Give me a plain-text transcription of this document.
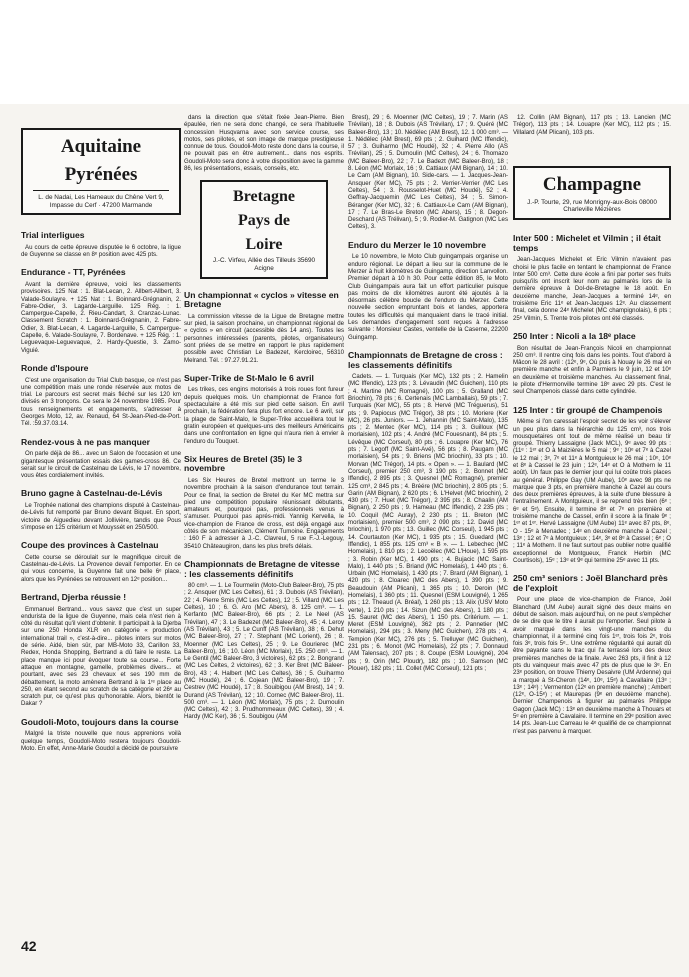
Aquitaine
Pyrénées
L. de Nadai, Les Hameaux du Chêne Vert 9, Impasse du Cerf · 47200 Marmande
Trial interligues

Au cours de cette épreuve disputée le 6 octobre, la ligue de Guyenne se classe en 8ᵉ position avec 425 pts.

Endurance - TT, Pyrénées

Avant la dernière épreuve, voici les classements provisoires. 125 Nat : 1. Blat-Lecan, 2. Allbert-Allbert, 3. Valade-Soulayre. + 125 Nat : 1. Boinnard-Grégnanin, 2. Fabre-Odier, 3. Lagarde-Larguille. 125 Rég. : 1. Campergue-Capelle, 2. Rieu-Candart, 3. Cranzac-Lunac. Classement Scratch : 1. Boinnard-Grégnanin, 2. Fabre-Odier, 3. Blat-Lecan, 4. Lagarde-Larguille, 5. Campergue-Capelle, 6. Valade-Soulayre, 7. Bordenave. + 125 Rég. : 1. Leguevaque-Leguevaque, 2. Hardy-Questie, 3. Zamo-Viguié.

Ronde d'Ispoure

C'est une organisation du Trial Club basque, ce n'est pas une compétition mais une ronde réservée aux motos de trial. Le parcours est secret mais fléché sur les 120 km divisés en 3 tronçons. Ce sera le 24 novembre 1985. Pour tous renseignements et engagements, s'adresser à Georges Moto, 12, av. Renaud, 64 St-Jean-Pied-de-Port. Tél. :59.37.03.14.

Rendez-vous à ne pas manquer

On parle déjà de 86... avec un Salon de l'occasion et une gigantesque présentation essais des games-cross 86. Ce serait sur le circuit de Castelnau de Lévis, le 17 novembre, vous êtes cordialement invités.

Bruno gagne à Castelnau-de-Lévis

Le Trophée national des champions disputé à Castelnau-de-Lévis fut remporté par Bruno devant Biquet. En sport, victoire de Aiguedieu devant Jollivière, tandis que Pous s'impose en 125 critérium et Mouyssét en 250/500.

Coupe des provinces à Castelnau

Cette course se déroulait sur le magnifique circuit de Castelnau-de-Lévis. La Provence devait l'emporter. En ce qui vous concerne, la Guyenne fait une belle 6ᵉ place, alors que les Pyrénées se retrouvent en 12ᵉ position...

Bertrand, Djerba réussie !

Emmanuel Bertrand... vous savez que c'est un super endurista de la ligue de Guyenne, mais cela n'est rien à côté du résultat qu'il vient d'obtenir. Il participait à la Djerba sur une 250 Honda XLR en catégorie « production international trail », c'est-à-dire... pilotes inters sur motos de série. Aidé, bien sûr, par MB-Moto 33, Carillon 33, Redex, Honda Shopping, Bertrand a dû faire le reste. La place manque ici pour évoquer toute sa course... Forte attaque en montagne, gamelle, problèmes divers... et pourtant, avec ses 23 chevaux et ses 190 mm de débattement, la moto amènera Bertrand à la 1ʳᵉ place au 250, en étant second au scratch de sa catégorie et 26ᵉ au scratch pur, ce qu'est plus qu'honorable. Alors, bientôt le Dakar ?

Goudoli-Moto, toujours dans la course

Malgré la triste nouvelle que nous apprenions voilà quelque temps, Goudoli-Moto restera toujours Goudoli-Moto. En effet, Anne-Marie Goudol a décidé de poursuivre

dans la direction que s'était fixée Jean-Pierre. Bien épaulée, rien ne sera donc changé, ce sera l'habituelle concession Husqvarna avec son service course, ses motos, ses pilotes, et son image de marque prestigieuse connue de tous. Goudoli-Moto reste donc dans la course, il ne pouvait pas en être autrement... dans nos esprits. Goudoli-Moto sera donc à votre disposition avec la gamme 86, les présentations, essais, conseils, etc.

Bretagne
Pays de
Loire
J.-C. Virfeu, Allée des Tilleuls 35690 Acigne
Un championnat « cyclos » vitesse en Bretagne

La commission vitesse de la Ligue de Bretagne mettre sur pied, la saison prochaine, un championnat régional de « cyclos » en circuit (accessible dès 14 ans). Toutes les personnes intéressées (parents, pilotes, organisateurs) sont priées de se mettre en rapport le plus rapidement possible avec Christian Le Badezet, Kercloirec, 56310 Melrand. Tél. : 97.27.91.21.

Super-Trike de St-Malo le 6 avril

Les trikes, ces engins motorisés à trois roues font fureur depuis quelques mois. Un championnat de France fort spectaculaire a été mis sur pied cette saison. En avril prochain, la fédération fera plus fort encore. Le 6 avril, sur la plage de Saint-Malo, le Super-Trike accueillera tout le gratin européen et quelques-uns des meilleurs Américains dans une confrontation en ligne qui n'aura rien à envier à l'enduro du Touquet.

Six Heures de Bretel (35) le 3 novembre

Les Six Heures de Bretel mettront un terme le 3 novembre prochain à la saison d'endurance tout terrain. Pour ce final, la section de Bretel du Ker MC mettra sur pied une compétition populaire réunissant débutants, amateurs et, pourquoi pas, professionnels venus à s'amuser. Pourquoi pas aprés-midi. Yannig Kervella, le vice-champion de France de cross, est déjà engagé aux côtés de son mécanicien, Clément Tumoine. Engagements : 160 F à adresser à J.-C. Clavreul, 5 rue F.-J.-Legouy, 35410 Châteaugiron, dans les plus brefs délais.

Championnats de Bretagne de vitesse : les classements définitifs

80 cm³. — 1. Le Tourmelin (Moto-Club Baleer-Bro), 75 pts ; 2. Ansquer (MC Les Celtes), 61 ; 3. Dubois (AS Trévilan), 22 ; 4. Pierre Smis (MC Les Celtes), 12 ; 5. Villard (MC Les Celtes), 10 ; 6. G. Aro (MC Abers), 8. 125 cm³. — 1. Kerfanto (MC Baleer-Bro), 66 pts ; 2. Le Neel (AS Trévilan), 47 ; 3. Le Badezet (MC Baleer-Bro), 45 ; 4. Leroy (AS Trévilan), 43 ; 5. Le Cunff (AS Trévilan), 38 ; 6. Dehut (MC Baleer-Bro), 27 ; 7. Stephant (MC Lorient), 26 ; 8. Moenner (MC Les Celtes), 25 ; 9. Le Gourierec (MC Baleer-Bro), 16 ; 10. Léon (MC Morlaix), 15. 250 cm³. — 1. Le Gentil (MC Baleer-Bro, 3 victoires), 62 pts ; 2. Bongrand (MC Les Celtes, 2 victoires), 62 ; 3. Ker Bret (MC Baleer-Bro), 43 ; 4. Halbert (MC Les Celtes), 36 ; 5. Guiharmo (MC Houdé), 24 ; 6. Cojean (MC Baleer-Bro), 19 ; 7. Cestrev (MC Houdé), 17 ; 8. Souibigou (AM Brest), 14 ; 9. Durand (AS Trévilan), 12 ; 10. Cornec (MC Baleer-Bro), 11. 500 cm³. — 1. Léon (MC Morlaix), 75 pts ; 2. Dumoulin (MC Celtes), 42 ; 3. Prudhommeaux (MC Celtes), 39 ; 4. Hardy (MC Ker), 36 ; 5. Soubigou (AM

Brest), 29 ; 6. Moenner (MC Celtes), 19 ; 7. Marin (AS Trévilan), 18 ; 8. Dubois (AS Trévilan), 17 ; 9. Quéré (MC Baleer-Bro), 13 ; 10. Nédélec (AM Brest), 12. 1 000 cm³. — 1. Nédélec (AM Brest), 69 pts ; 2. Guihard (MC Iffendic), 57 ; 3. Guiharmo (MC Houdé), 32 ; 4. Pierre Allo (AS Trévilan), 25 ; 5. Dumoulin (MC Celtes), 24 ; 6. Thomazo (MC Baleer-Bro), 22 ; 7. Le Badezt (MC Baleer-Bro), 18 ; 8. Léon (MC Morlaix, 16 ; 9. Cattiaux (AM Bignan), 14 ; 10. Le Cam (AM Bignan), 10. Side-cars. — 1. Jacques-Jean-Ansquer (Ker MC), 75 pts ; 2. Verrier-Verrier (MC Les Celtes), 54 ; 3. Rousselot-Huet (MC Houdé), 52 ; 4. Geffray-Jacquemin (MC Les Celtes), 34 ; 5. Simon-Béranger (Ker MC), 32 ; 6. Cattiaux-Le Cam (AM Bignan), 17 ; 7. Le Bras-Le Breton (MC Abers), 15 ; 8. Degon-Deschard (AS Trélivan), 5 ; 9. Rodier-M. Gatignon (MC Les Celtes), 3.

Enduro du Merzer le 10 novembre

Le 10 novembre, le Moto Club guingampais organise un enduro régional. Le départ a lieu sur la commune de le Merzer à huit kilomètres de Guingamp, direction Lanvollon. Premier départ à 10 h 30. Pour cette édition 85, le Moto Club Guingampais aura fait un effort particulier puisque pas moins de dix kilomètres auront été ajoutés à la désormais célèbre boucle de l'enduro du Merzer. Cette nouvelle section empruntant bois et landes, apportera toutes les difficultés qui manquaient dans le tracé initial. Les demandes d'engagement sont reçues à l'adresse suivante : Monsieur Castes, ventelle de la Caserne, 22200 Guingamp.

Championnats de Bretagne de cross : les classements définitifs

Cadets. — 1. Turquais (Ker MC), 132 pts ; 2. Hamelin (MC Iffendic), 123 pts ; 3. Lévaudin (MC Guichen), 110 pts ; 4. Martine (MC Romagné), 100 pts ; 5. Gralland (MC Briochin), 78 pts ; 6. Certenais (MC Lamballais), 59 pts ; 7. Turquais (Ker MC), 55 pts ; 8. Hervé (MC Tréguerus), 51 pts ; 9. Papiocus (MC Trégor), 38 pts ; 10. Moriere (Ker MC), 26 pts. Juniors. — 1. Jehannin (MC Saint-Malo), 135 pts ; 2. Mentec (Ker MC), 114 pts ; 3. Guilloux (MC morlaisien), 102 pts ; 4. André (MC Fouesnant), 84 pts ; 5. Lévêque (MC Corseul), 80 pts ; 6. Louapre (Ker MC), 76 pts ; 7. Legoff (MC Saint-Avé), 56 pts ; 8. Paugam (MC morlaisien), 54 pts ; 9. Briens (MC briochin), 33 pts ; 10. Morvan (MC Trégor), 14 pts. « Open ». — 1. Baulard (MC Corseul), premier 250 cm³, 3 190 pts ; 2. Bonnet (MC Iffendic), 2 895 pts ; 3. Quesnel (MC Romagné), premier 125 cm³, 2 845 pts ; 4. Bréére (MC briochin), 2 805 pts ; 5. Garin (AM Bignan), 2 620 pts ; 6. L'Helvet (MC briochin), 2 430 pts ; 7. Huet (MC Trégor), 2 395 pts ; 8. Chaalin (AM Bignan), 2 250 pts ; 9. Hameau (MC Iffendic), 2 235 pts ; 10. Coquil (MC Auray), 2 230 pts ; 11. Breton (MC morlaisien), premier 500 cm³, 2 090 pts ; 12. David (MC briochin), 1 970 pts ; 13. Guillec (MC Corseul), 1 945 pts ; 14. Courtauton (Ker MC), 1 935 pts ; 15. Guedard (MC Iffendic), 1 855 pts. 125 cm³ « B ». — 1. Lebechec (MC Homelais), 1 810 pts ; 2. Lecoëlec (MC L'Houe), 1 595 pts ; 3. Robin (Ker MC), 1 490 pts ; 4. Bujacic (MC Saint-Malo), 1 440 pts ; 5. Briand (MC Homelais), 1 440 pts ; 6. Urbain (MC Homelais), 1 430 pts ; 7. Brard (AM Bignan), 1 420 pts ; 8. Cloarec (MC des Abers), 1 390 pts ; 9. Beaudouin (AM Plicani), 1 365 pts ; 10. Deroin (MC Homelais), 1 360 pts ; 11. Quesnel (ESM Louvigné), 1 265 pts ; 12. Theaud (A. Bréal), 1 260 pts ; 13. Alix (USV Moto verte), 1 210 pts ; 14. Sizun (MC des Abers), 1 180 pts ; 15. Sauret (MC des Abers), 1 150 pts. Critérium. — 1. Meret (ESM Louvigné), 362 pts ; 2. Pannetier (MC Homelais), 294 pts ; 3. Meny (MC Guichen), 278 pts ; 4. Tempion (Ker MC), 276 pts ; 5. Trelluyer (MC Guichen), 231 pts ; 6. Monot (MC Homelais), 22 pts ; 7. Donnaud (AM Talensac), 207 pts ; 8. Coupe (ESM Louvigné), 204 pts ; 9. Orin (MC Ploudr), 182 pts ; 10. Samson (MC Plouer), 182 pts ; 11. Collet (MC Corseul), 121 pts ;

12. Collin (AM Bignan), 117 pts ; 13. Lancien (MC Trégor), 113 pts ; 14. Louapre (Ker MC), 112 pts ; 15. Villalard (AM Plicani), 103 pts.

Champagne
J.-P. Tourte, 29, rue Monrigny-aux-Bois 08000 Charleville Mézières
Inter 500 : Michelet et Vilmin ; il était temps

Jean-Jacques Michelet et Eric Vilmin n'avaient pas choisi le plus facile en tentant le championnat de France Inter 500 cm³. Cette dure école a fini par porter ses fruits puisqu'ils ont inscrit leur nom au palmarès lors de la dernière épreuve à Dol-de-Bretagne le 18 août. En deuxième manche, Jean-Jacques a terminé 14ᵉ, en troisième Eric 11ᵉ et Jean-Jacques 12ᵉ. Au classement final, cela donne 24ᵉ Michelet (MC champignolais), 6 pts ; 25ᵉ Vilmin, 5. Trente trois pilotes ont été classés.

250 Inter : Nicoli a la 18ᵉ place

Bon résultat de Jean-François Nicoli en championnat 250 cm³. Il rentre cinq fois dans les points. Tout d'abord à Mâcon le 28 avril : (12ᵉ, 9ᵉ, Où puis à Nouay le 26 mai en première manche et enfin à Parmiers le 9 juin, 12 et 10ᵉ en deuxième et troisième manches. Au classement final, le pilote d'Hermonville termine 18ᵉ avec 29 pts. C'est le seul Champenois classé dans cette cylindrée.

125 Inter : tir groupé de Champenois

Même si l'on caressait l'espoir secret de les voir s'élever un peu plus dans la hiérarchie du 125 cm³, nos trois mousquetaires ont tout de même réalisé un beau tir groupé. Thierry Lassaigne (Jack MCL), 9ᵉ avec 99 pts : (11ᵉ : 1ᵉʳ et O à Maizières le 5 mai ; 9ᵉ ; 10ᵉ et 7ᵉ à Cazel le 12 mai ; 3ᵉ, 7ᵉ et 11ᵉ à Montguieux le 26 mai ; 10ᵉ, 10ᵉ et 8ᵉ à Cassel le 23 juin ; 12ᵉ, 14ᵉ et O à Mothern le 11 août). Un faux pas le dernier jour qui lui coûte trois places au général. Philippe Gay (UM Aube), 10ᵉ avec 98 pts ne marque que 3 pts, en première manche à Cazel au cours des deux premières épreuves, à la suite d'une blessure à l'entraînement. A Montguieux, il se reprend très bien (6ᵉ ; 6ᵉ et 5ᵉ). Ensuite, il termine 8ᵉ et 7ᵉ en première et troisième manche de Cassel, enfin il score à la finale 9ᵉ ; 1ᵉʳ et 1ᵉʳ. Hervé Lassaigne (UM Aube) 11ᵉ avec 87 pts, 8ᵉ, O - 15ᵉ à Menadec ; 14ᵉ en deuxième manche à Cazel ; 13ᵉ ; 12 et 7ᵉ à Montguieux ; 14ᵉ, 3ᵉ et 8ᵉ à Cassel ; 6ᵉ ; O ; 11ᵉ à Mothern. Il ne faut surtout pas oublier notre qualifié exceptionnel de Montgueux, Franck Herbin (MC Courtisols), 15ᵉ ; 13ᵉ et 9ᵉ qui termine 25ᵉ avec 11 pts.

250 cm³ seniors : Joël Blanchard près de l'exploit

Pour une place de vice-champion de France, Joël Blanchard (UM Aube) aurait signé des deux mains en début de saison. mais aujourd'hui, on ne peut s'empêcher de se dire que le titre il aurait pu l'emporter. Seul pilote à avoir marqué dans les vingt-une manches du championnat, il a terminé cinq fois 1ᵉʳ, trois fois 2ᵉ, trois fois 3ᵉ, trois fois 5ᵉ.. Une extrême régularité qui aurait dû être payante sans le trac qui l'a terrassé lors des deux premières manches de la finale. Avec 263 pts, il finit à 12 pts du vainqueur mais avec 47 pts de plus que le 3ᵉ. En 23ᵉ position, on trouve Thierry Desaivre (UM Ardenne) qui a marqué à St-Cheron (14ᵉ, 10ᵉ, 15ᵉ) à Cavallaire (13ᵉ ; 13ᵉ ; 14ᵉ) ; Vermenton (12ᵉ en première manche) ; Ambert (12ᵉ, O-15ᵉ) ; et Maurepas (9ᵉ en deuxième manche). Dernier Champenois à figurer au palmarès Philippe Gagon (Jack MC) : 13ᵉ en deuxième manche à Thouars et 5ᵉ en première à Cavalaire. Il termine en 29ᵉ position avec 14 pts. Jean-Luc Carreau le 4ᵉ qualifié de ce championnat n'est pas parvenu à marquer.

42
